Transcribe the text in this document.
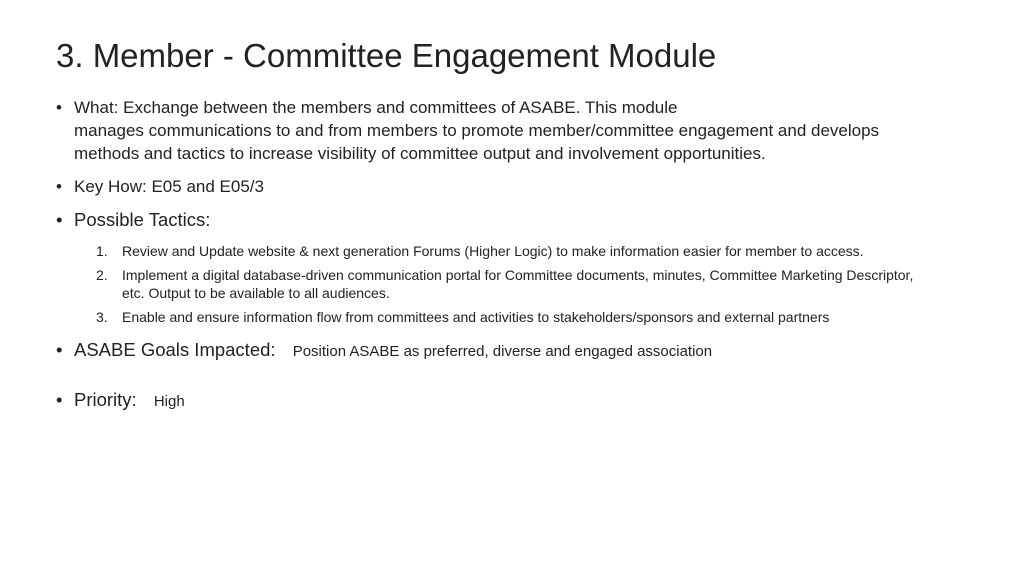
3. Member - Committee Engagement Module
• What: Exchange between the members and committees of ASABE. This module
manages communications to and from members to promote member/committee engagement and develops methods and tactics to increase visibility of committee output and involvement opportunities.
• Key How: E05 and E05/3
• Possible Tactics:
1. Review and Update website & next generation Forums (Higher Logic) to make information easier for member to access.
2. Implement a digital database-driven communication portal for Committee documents, minutes, Committee Marketing Descriptor, etc. Output to be available to all audiences.
3. Enable and ensure information flow from committees and activities to stakeholders/sponsors and external partners
• ASABE Goals Impacted: Position ASABE as preferred, diverse and engaged association
• Priority: High
